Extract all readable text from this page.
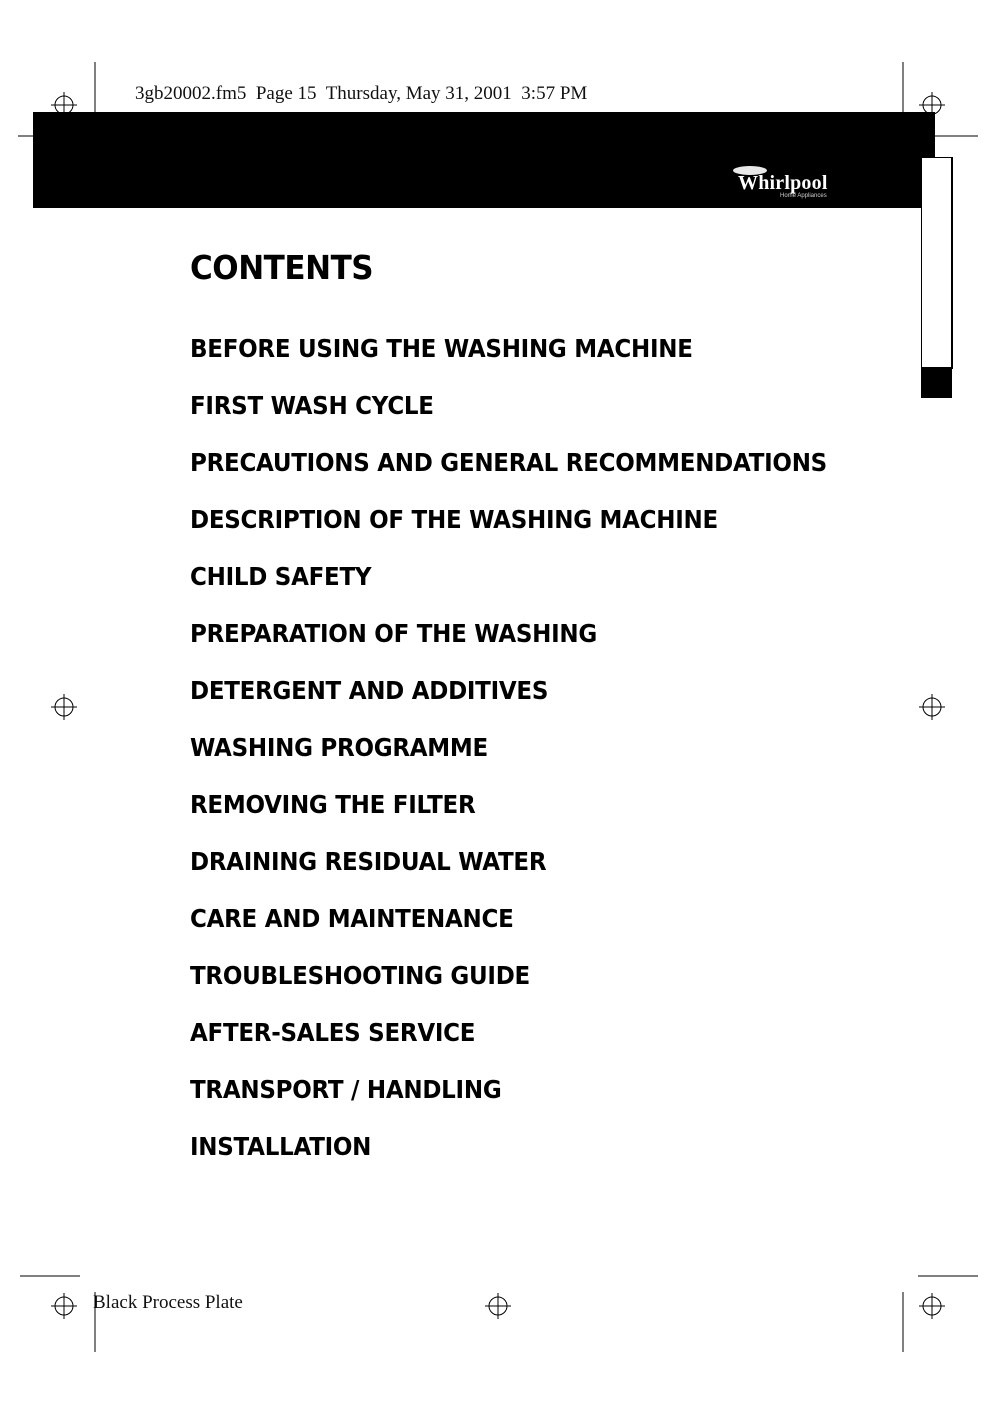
3gb20002.fm5  Page 15  Thursday, May 31, 2001  3:57 PM
Whirlpool
Home Appliances
CONTENTS
BEFORE USING THE WASHING MACHINE
FIRST WASH CYCLE
PRECAUTIONS AND GENERAL RECOMMENDATIONS
DESCRIPTION OF THE WASHING MACHINE
CHILD SAFETY
PREPARATION OF THE WASHING
DETERGENT AND ADDITIVES
WASHING PROGRAMME
REMOVING THE FILTER
DRAINING RESIDUAL WATER
CARE AND MAINTENANCE
TROUBLESHOOTING GUIDE
AFTER-SALES SERVICE
TRANSPORT / HANDLING
INSTALLATION
Black Process Plate
